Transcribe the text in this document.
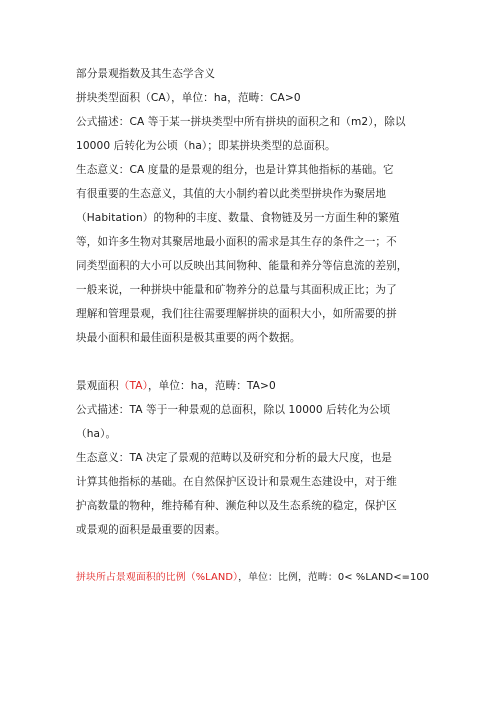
部分景观指数及其生态学含义
拼块类型面积（CA），单位：ha，范畴：CA>0
公式描述：CA 等于某一拼块类型中所有拼块的面积之和（m2），除以
10000 后转化为公顷（ha）；即某拼块类型的总面积。
生态意义：CA 度量的是景观的组分，也是计算其他指标的基础。它
有很重要的生态意义，其值的大小制约着以此类型拼块作为聚居地
（Habitation）的物种的丰度、数量、食物链及另一方面生种的繁殖
等，如许多生物对其聚居地最小面积的需求是其生存的条件之一；不
同类型面积的大小可以反映出其间物种、能量和养分等信息流的差别，
一般来说，一种拼块中能量和矿物养分的总量与其面积成正比；为了
理解和管理景观，我们往往需要理解拼块的面积大小，如所需要的拼
块最小面积和最佳面积是极其重要的两个数据。
景观面积（TA），单位：ha，范畴：TA>0
公式描述：TA 等于一种景观的总面积，除以 10000 后转化为公顷
（ha）。
生态意义：TA 决定了景观的范畴以及研究和分析的最大尺度，也是
计算其他指标的基础。在自然保护区设计和景观生态建设中，对于维
护高数量的物种，维持稀有种、濒危种以及生态系统的稳定，保护区
或景观的面积是最重要的因素。
拼块所占景观面积的比例（%LAND），单位：比例，范畴：0< %LAND<=100
